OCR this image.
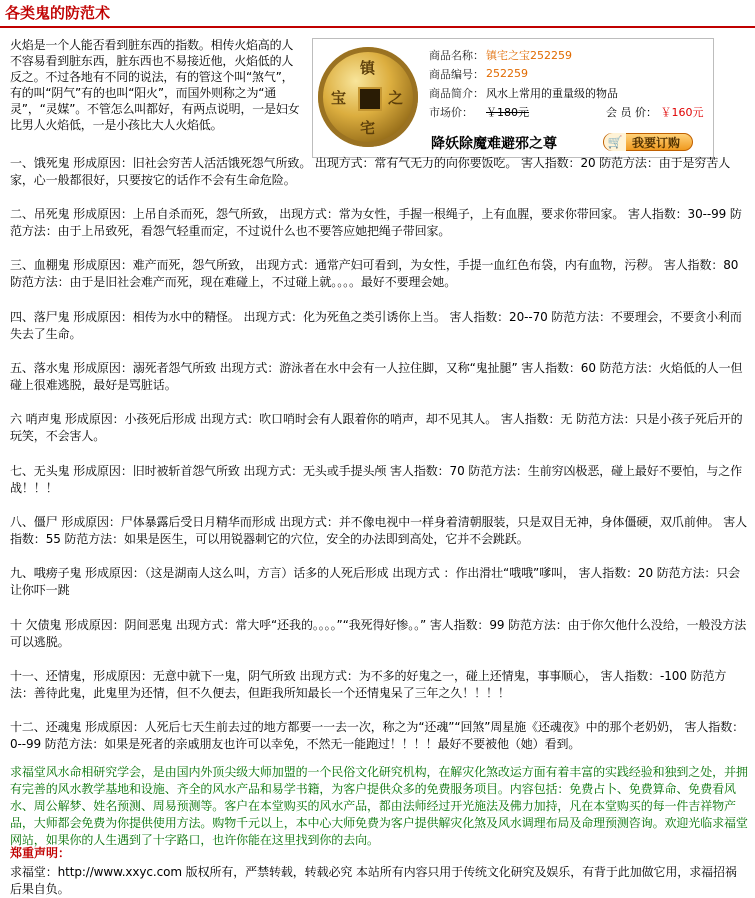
各类鬼的防范术

火焰是一个人能否看到脏东西的指数。相传火焰高的人不容易看到脏东西，脏东西也不易接近他，火焰低的人反之。不过各地有不同的说法，有的管这个叫“煞气”，有的叫“阴气”有的也叫“阳火”，而国外则称之为“通灵”，“灵媒”。不管怎么叫都好，有两点说明，一是妇女比男人火焰低，一是小孩比大人火焰低。

镇
宅
之
宝
商品名称：	镇宅之宝252259
商品编号：	252259
商品简介：	风水上常用的重量级的物品
市场价：	￥180元 会 员 价： ￥160元

降妖除魔难避邪之尊	🛒 我要订购

一、饿死鬼 形成原因：旧社会穷苦人活活饿死怨气所致。 出现方式：常有气无力的向你要饭吃。 害人指数：20 防范方法：由于是穷苦人家，心一般都很好，只要按它的话作不会有生命危险。

二、吊死鬼 形成原因：上吊自杀而死，怨气所致， 出现方式：常为女性，手握一根绳子，上有血腥，要求你带回家。 害人指数：30--99 防范方法：由于上吊致死，看怨气轻重而定，不过说什么也不要答应她把绳子带回家。

三、血棚鬼 形成原因：难产而死，怨气所致， 出现方式：通常产妇可看到，为女性，手提一血红色布袋，内有血物，污秽。 害人指数：80 防范方法：由于是旧社会难产而死，现在难碰上，不过碰上就。。。。最好不要理会她。

四、落尸鬼 形成原因：相传为水中的精怪。 出现方式：化为死鱼之类引诱你上当。 害人指数：20--70 防范方法：不要理会，不要贪小利而失去了生命。

五、落水鬼 形成原因：溺死者怨气所致 出现方式：游泳者在水中会有一人拉住脚，又称“鬼扯腿” 害人指数：60 防范方法：火焰低的人一但碰上很难逃脱，最好是骂脏话。

六 哨声鬼 形成原因：小孩死后形成 出现方式：吹口哨时会有人跟着你的哨声，却不见其人。 害人指数：无 防范方法：只是小孩子死后开的玩笑，不会害人。

七、无头鬼 形成原因：旧时被斩首怨气所致 出现方式：无头或手提头颅 害人指数：70 防范方法：生前穷凶极恶，碰上最好不要怕，与之作战！！！

八、僵尸 形成原因：尸体暴露后受日月精华而形成 出现方式：并不像电视中一样身着清朝服装，只是双目无神，身体僵硬，双爪前伸。 害人指数：55 防范方法：如果是医生，可以用锐器刺它的穴位，安全的办法即到高处，它并不会跳跃。

九、哦痨子鬼 形成原因：（这是湖南人这么叫，方言）话多的人死后形成 出现方式 ：作出滑壮“哦哦”嗲叫， 害人指数：20 防范方法：只会让你吓一跳

十 欠债鬼 形成原因：阴间恶鬼 出现方式：常大呼“还我的。。。。”“我死得好惨。。” 害人指数：99 防范方法：由于你欠他什么没给，一般没方法可以逃脱。

十一、还情鬼，形成原因：无意中就下一鬼，阴气所致 出现方式：为不多的好鬼之一，碰上还情鬼，事事顺心， 害人指数：-100 防范方法：善待此鬼，此鬼里为还情，但不久便去，但距我所知最长一个还情鬼呆了三年之久！！！！

十二、还魂鬼 形成原因：人死后七天生前去过的地方都要一一去一次，称之为“还魂”“回煞”周星施《还魂夜》中的那个老奶奶， 害人指数：0--99 防范方法：如果是死者的亲戚朋友也许可以幸免，不然无一能跑过！！！！最好不要被他（她）看到。

求福堂风水命相研究学会，是由国内外顶尖级大师加盟的一个民俗文化研究机构，在解灾化煞改运方面有着丰富的实践经验和独到之处，并拥有完善的风水教学基地和设施、齐全的风水产品和易学书籍，为客户提供众多的免费服务项目。内容包括：免费占卜、免费算命、免费看风水、周公解梦、姓名预测、周易预测等。客户在本堂购买的风水产品，都由法师经过开光施法及佛力加持，凡在本堂购买的每一件吉祥物产品，大师都会免费为你提供使用方法。购物千元以上，本中心大师免费为客户提供解灾化煞及风水调理布局及命理预测咨询。欢迎光临求福堂网站，如果你的人生遇到了十字路口，也许你能在这里找到你的去向。

郑重声明：

求福堂：http://www.xxyc.com 版权所有，严禁转载，转载必究 本站所有内容只用于传统文化研究及娱乐，有背于此加做它用，求福招祸后果自负。
